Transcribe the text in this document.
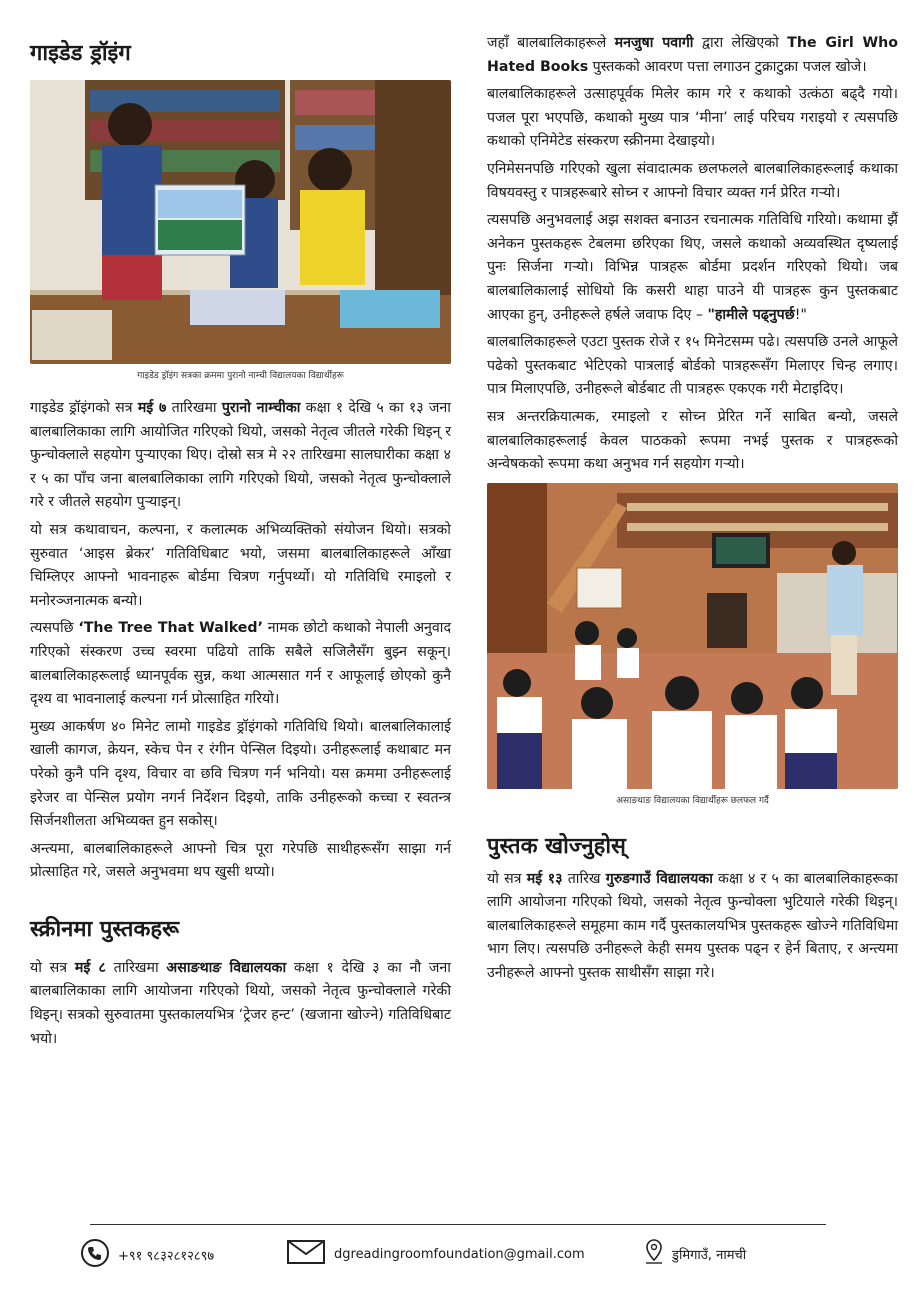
गाइडेड ड्रॉइंग
गाइडेड ड्रॉइंग सत्रका क्रममा पुरानो नाम्ची विद्यालयका विद्यार्थीहरू

गाइडेड ड्रॉइंगको सत्र मई ७ तारिखमा पुरानो नाम्चीका कक्षा १ देखि ५ का १३ जना बालबालिकाका लागि आयोजित गरिएको थियो, जसको नेतृत्व जीतले गरेकी थिइन् र फुन्चोक्लाले सहयोग पुर्‍याएका थिए। दोस्रो सत्र मे २२ तारिखमा सालघारीका कक्षा ४ र ५ का पाँच जना बालबालिकाका लागि गरिएको थियो, जसको नेतृत्व फुन्चोक्लाले गरे र जीतले सहयोग पुर्‍याइन्।

यो सत्र कथावाचन, कल्पना, र कलात्मक अभिव्यक्तिको संयोजन थियो। सत्रको सुरुवात ‘आइस ब्रेकर’ गतिविधिबाट भयो, जसमा बालबालिकाहरूले आँखा चिम्लिएर आफ्नो भावनाहरू बोर्डमा चित्रण गर्नुपर्थ्यो। यो गतिविधि रमाइलो र मनोरञ्जनात्मक बन्यो।

त्यसपछि ‘The Tree That Walked’ नामक छोटो कथाको नेपाली अनुवाद गरिएको संस्करण उच्च स्वरमा पढियो ताकि सबैले सजिलैसँग बुझ्न सकून्। बालबालिकाहरूलाई ध्यानपूर्वक सुन्न, कथा आत्मसात गर्न र आफूलाई छोएको कुनै दृश्य वा भावनालाई कल्पना गर्न प्रोत्साहित गरियो।

मुख्य आकर्षण ४० मिनेट लामो गाइडेड ड्रॉइंगको गतिविधि थियो। बालबालिकालाई खाली कागज, क्रेयन, स्केच पेन र रंगीन पेन्सिल दिइयो। उनीहरूलाई कथाबाट मन परेको कुनै पनि दृश्य, विचार वा छवि चित्रण गर्न भनियो। यस क्रममा उनीहरूलाई इरेजर वा पेन्सिल प्रयोग नगर्न निर्देशन दिइयो, ताकि उनीहरूको कच्चा र स्वतन्त्र सिर्जनशीलता अभिव्यक्त हुन सकोस्।

अन्त्यमा, बालबालिकाहरूले आफ्नो चित्र पूरा गरेपछि साथीहरूसँग साझा गर्न प्रोत्साहित गरे, जसले अनुभवमा थप खुसी थप्यो।

स्क्रीनमा पुस्तकहरू

यो सत्र मई ८ तारिखमा असाङथाङ विद्यालयका कक्षा १ देखि ३ का नौ जना बालबालिकाका लागि आयोजना गरिएको थियो, जसको नेतृत्व फुन्चोक्लाले गरेकी थिइन्। सत्रको सुरुवातमा पुस्तकालयभित्र ‘ट्रेजर हन्ट’ (खजाना खोज्ने) गतिविधिबाट भयो।

जहाँ बालबालिकाहरूले मनजुषा पवागी द्वारा लेखिएको The Girl Who Hated Books पुस्तकको आवरण पत्ता लगाउन टुक्राटुक्रा पजल खोजे।

बालबालिकाहरूले उत्साहपूर्वक मिलेर काम गरे र कथाको उत्कंठा बढ्दै गयो। पजल पूरा भएपछि, कथाको मुख्य पात्र ‘मीना’ लाई परिचय गराइयो र त्यसपछि कथाको एनिमेटेड संस्करण स्क्रीनमा देखाइयो।

एनिमेसनपछि गरिएको खुला संवादात्मक छलफलले बालबालिकाहरूलाई कथाका विषयवस्तु र पात्रहरूबारे सोच्न र आफ्नो विचार व्यक्त गर्न प्रेरित गर्‍यो।

त्यसपछि अनुभवलाई अझ सशक्त बनाउन रचनात्मक गतिविधि गरियो। कथामा झैं अनेकन पुस्तकहरू टेबलमा छरिएका थिए, जसले कथाको अव्यवस्थित दृष्यलाई पुनः सिर्जना गर्‍यो। विभिन्न पात्रहरू बोर्डमा प्रदर्शन गरिएको थियो। जब बालबालिकालाई सोधियो कि कसरी थाहा पाउने यी पात्रहरू कुन पुस्तकबाट आएका हुन्, उनीहरूले हर्षले जवाफ दिए – "हामीले पढ्नुपर्छ!"

बालबालिकाहरूले एउटा पुस्तक रोजे र १५ मिनेटसम्म पढे। त्यसपछि उनले आफूले पढेको पुस्तकबाट भेटिएको पात्रलाई बोर्डको पात्रहरूसँग मिलाएर चिन्ह लगाए। पात्र मिलाएपछि, उनीहरूले बोर्डबाट ती पात्रहरू एकएक गरी मेटाइदिए।

सत्र अन्तरक्रियात्मक, रमाइलो र सोच्न प्रेरित गर्ने साबित बन्यो, जसले बालबालिकाहरूलाई केवल पाठकको रूपमा नभई पुस्तक र पात्रहरूको अन्वेषकको रूपमा कथा अनुभव गर्न सहयोग गर्‍यो।

असाङथाङ विद्यालयका विद्यार्थीहरू छलफल गर्दै
पुस्तक खोज्नुहोस्

यो सत्र मई १३ तारिख गुरुङगाउँ विद्यालयका कक्षा ४ र ५ का बालबालिकाहरूका लागि आयोजना गरिएको थियो, जसको नेतृत्व फुन्चोक्ला भुटियाले गरेकी थिइन्। बालबालिकाहरूले समूहमा काम गर्दै पुस्तकालयभित्र पुस्तकहरू खोज्ने गतिविधिमा भाग लिए। त्यसपछि उनीहरूले केही समय पुस्तक पढ्न र हेर्न बिताए, र अन्त्यमा उनीहरूले आफ्नो पुस्तक साथीसँग साझा गरे।

+९१ ९८३२८१२८९७	dgreadingroomfoundation@gmail.com	डुमिगाउँ, नामची
